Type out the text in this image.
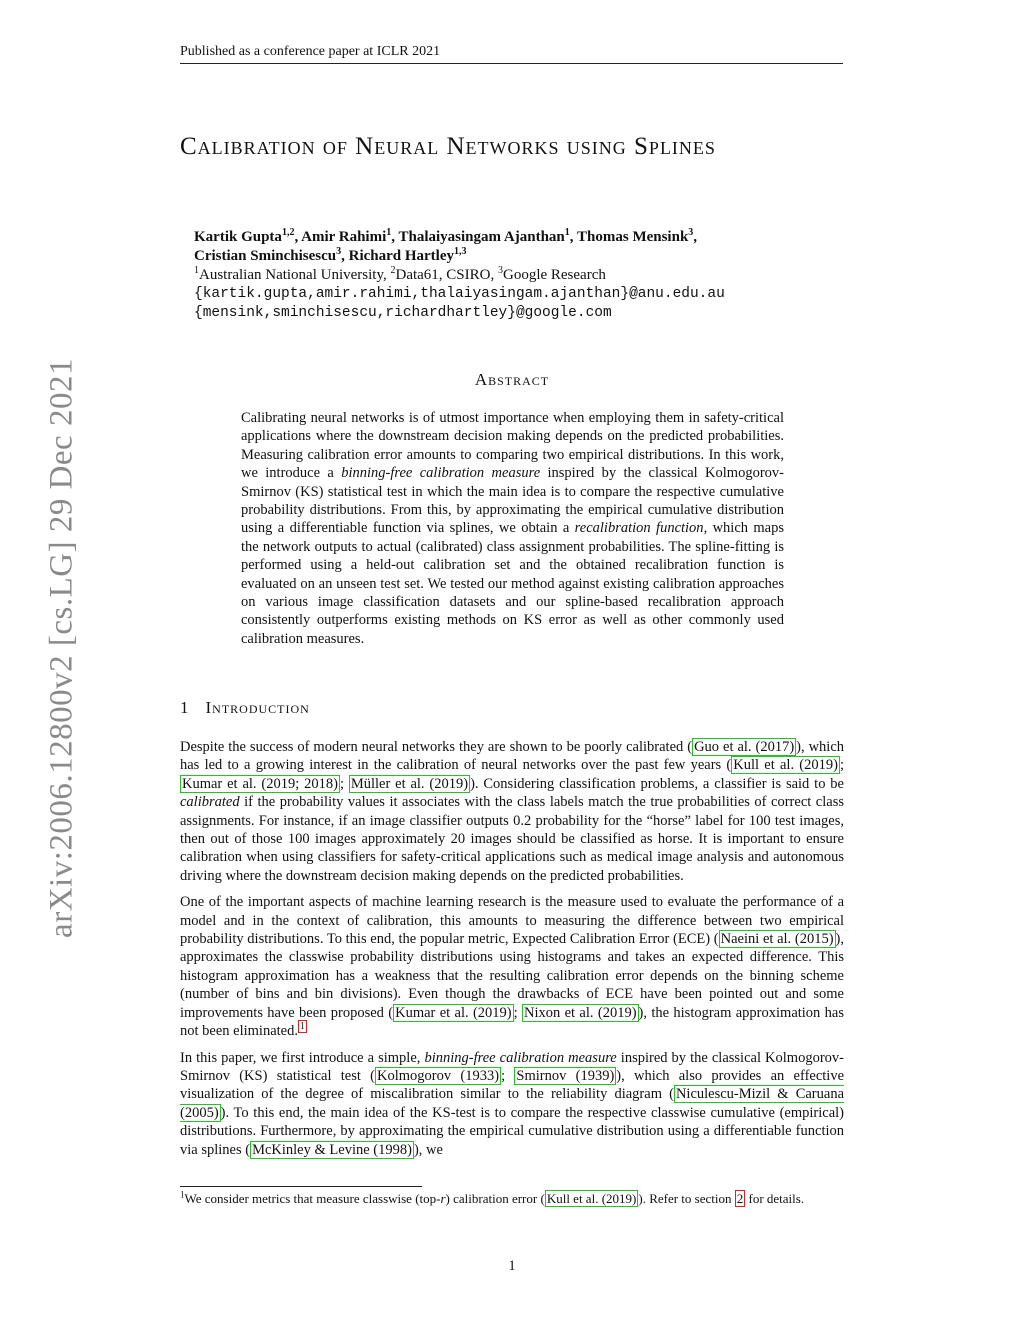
Published as a conference paper at ICLR 2021
arXiv:2006.12800v2 [cs.LG] 29 Dec 2021
Calibration of Neural Networks using Splines
Kartik Gupta$^{1,2}$, Amir Rahimi$^1$, Thalaiyasingam Ajanthan$^1$, Thomas Mensink$^3$,
Cristian Sminchisescu$^3$, Richard Hartley$^{1,3}$
$^1$Australian National University, $^2$Data61, CSIRO, $^3$Google Research
{kartik.gupta,amir.rahimi,thalaiyasingam.ajanthan}@anu.edu.au
{mensink,sminchisescu,richardhartley}@google.com
Abstract

Calibrating neural networks is of utmost importance when employing them in safety-critical applications where the downstream decision making depends on the predicted probabilities. Measuring calibration error amounts to comparing two empirical distributions. In this work, we introduce a binning-free calibration measure inspired by the classical Kolmogorov-Smirnov (KS) statistical test in which the main idea is to compare the respective cumulative probability distributions. From this, by approximating the empirical cumulative distribution using a differentiable function via splines, we obtain a recalibration function, which maps the network outputs to actual (calibrated) class assignment probabilities. The spline-fitting is performed using a held-out calibration set and the obtained recalibration function is evaluated on an unseen test set. We tested our method against existing calibration approaches on various image classification datasets and our spline-based recalibration approach consistently outperforms existing methods on KS error as well as other commonly used calibration measures.

1 Introduction

Despite the success of modern neural networks they are shown to be poorly calibrated ( Guo et al. (2017) ), which has led to a growing interest in the calibration of neural networks over the past few years ( Kull et al. (2019) ; Kumar et al. (2019; 2018) ; Müller et al. (2019) ). Considering classification problems, a classifier is said to be calibrated if the probability values it associates with the class labels match the true probabilities of correct class assignments. For instance, if an image classifier outputs 0.2 probability for the “horse” label for 100 test images, then out of those 100 images approximately 20 images should be classified as horse. It is important to ensure calibration when using classifiers for safety-critical applications such as medical image analysis and autonomous driving where the downstream decision making depends on the predicted probabilities.

One of the important aspects of machine learning research is the measure used to evaluate the performance of a model and in the context of calibration, this amounts to measuring the difference between two empirical probability distributions. To this end, the popular metric, Expected Calibration Error (ECE) ( Naeini et al. (2015) ), approximates the classwise probability distributions using histograms and takes an expected difference. This histogram approximation has a weakness that the resulting calibration error depends on the binning scheme (number of bins and bin divisions). Even though the drawbacks of ECE have been pointed out and some improvements have been proposed ( Kumar et al. (2019) ; Nixon et al. (2019) ), the histogram approximation has not been eliminated. $^1$

In this paper, we first introduce a simple, binning-free calibration measure inspired by the classical Kolmogorov-Smirnov (KS) statistical test ( Kolmogorov (1933) ; Smirnov (1939) ), which also provides an effective visualization of the degree of miscalibration similar to the reliability diagram ( Niculescu-Mizil & Caruana (2005) ). To this end, the main idea of the KS-test is to compare the respective classwise cumulative (empirical) distributions. Furthermore, by approximating the empirical cumulative distribution using a differentiable function via splines ( McKinley & Levine (1998) ), we

$^1$We consider metrics that measure classwise (top-r) calibration error ( Kull et al. (2019) ). Refer to section 2 for details.
1
